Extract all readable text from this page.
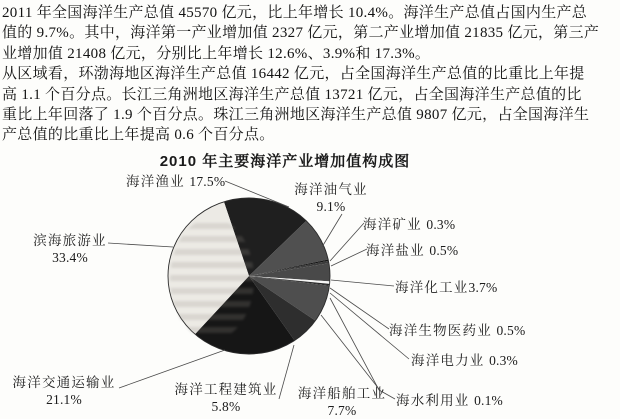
2011 年全国海洋生产总值 45570 亿元，比上年增长 10.4%。海洋生产总值占国内生产总
值的 9.7%。其中，海洋第一产业增加值 2327 亿元，第二产业增加值 21835 亿元，第三产
业增加值 21408 亿元，分别比上年增长 12.6%、3.9%和 17.3%。
从区域看，环渤海地区海洋生产总值 16442 亿元，占全国海洋生产总值的比重比上年提
高 1.1 个百分点。长江三角洲地区海洋生产总值 13721 亿元，占全国海洋生产总值的比
重比上年回落了 1.9 个百分点。珠江三角洲地区海洋生产总值 9807 亿元，占全国海洋生
产总值的比重比上年提高 0.6 个百分点。
2010 年主要海洋产业增加值构成图
海洋渔业 17.5%
海洋油气业
9.1%
海洋矿业 0.3%
海洋盐业 0.5%
海洋化工业3.7%
海洋生物医药业 0.5%
海洋电力业 0.3%
海水利用业 0.1%
海洋船舶工业
7.7%
海洋工程建筑业
5.8%
海洋交通运输业
21.1%
滨海旅游业
33.4%
